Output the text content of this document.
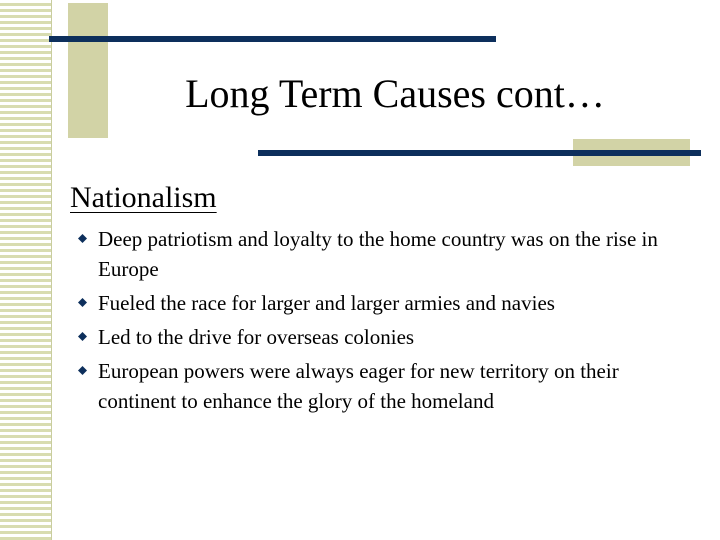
Long Term Causes cont…
Nationalism
Deep patriotism and loyalty to the home country was on the rise in Europe
Fueled the race for larger and larger armies and navies
Led to the drive for overseas colonies
European powers were always eager for new territory on their continent to enhance the glory of the homeland
